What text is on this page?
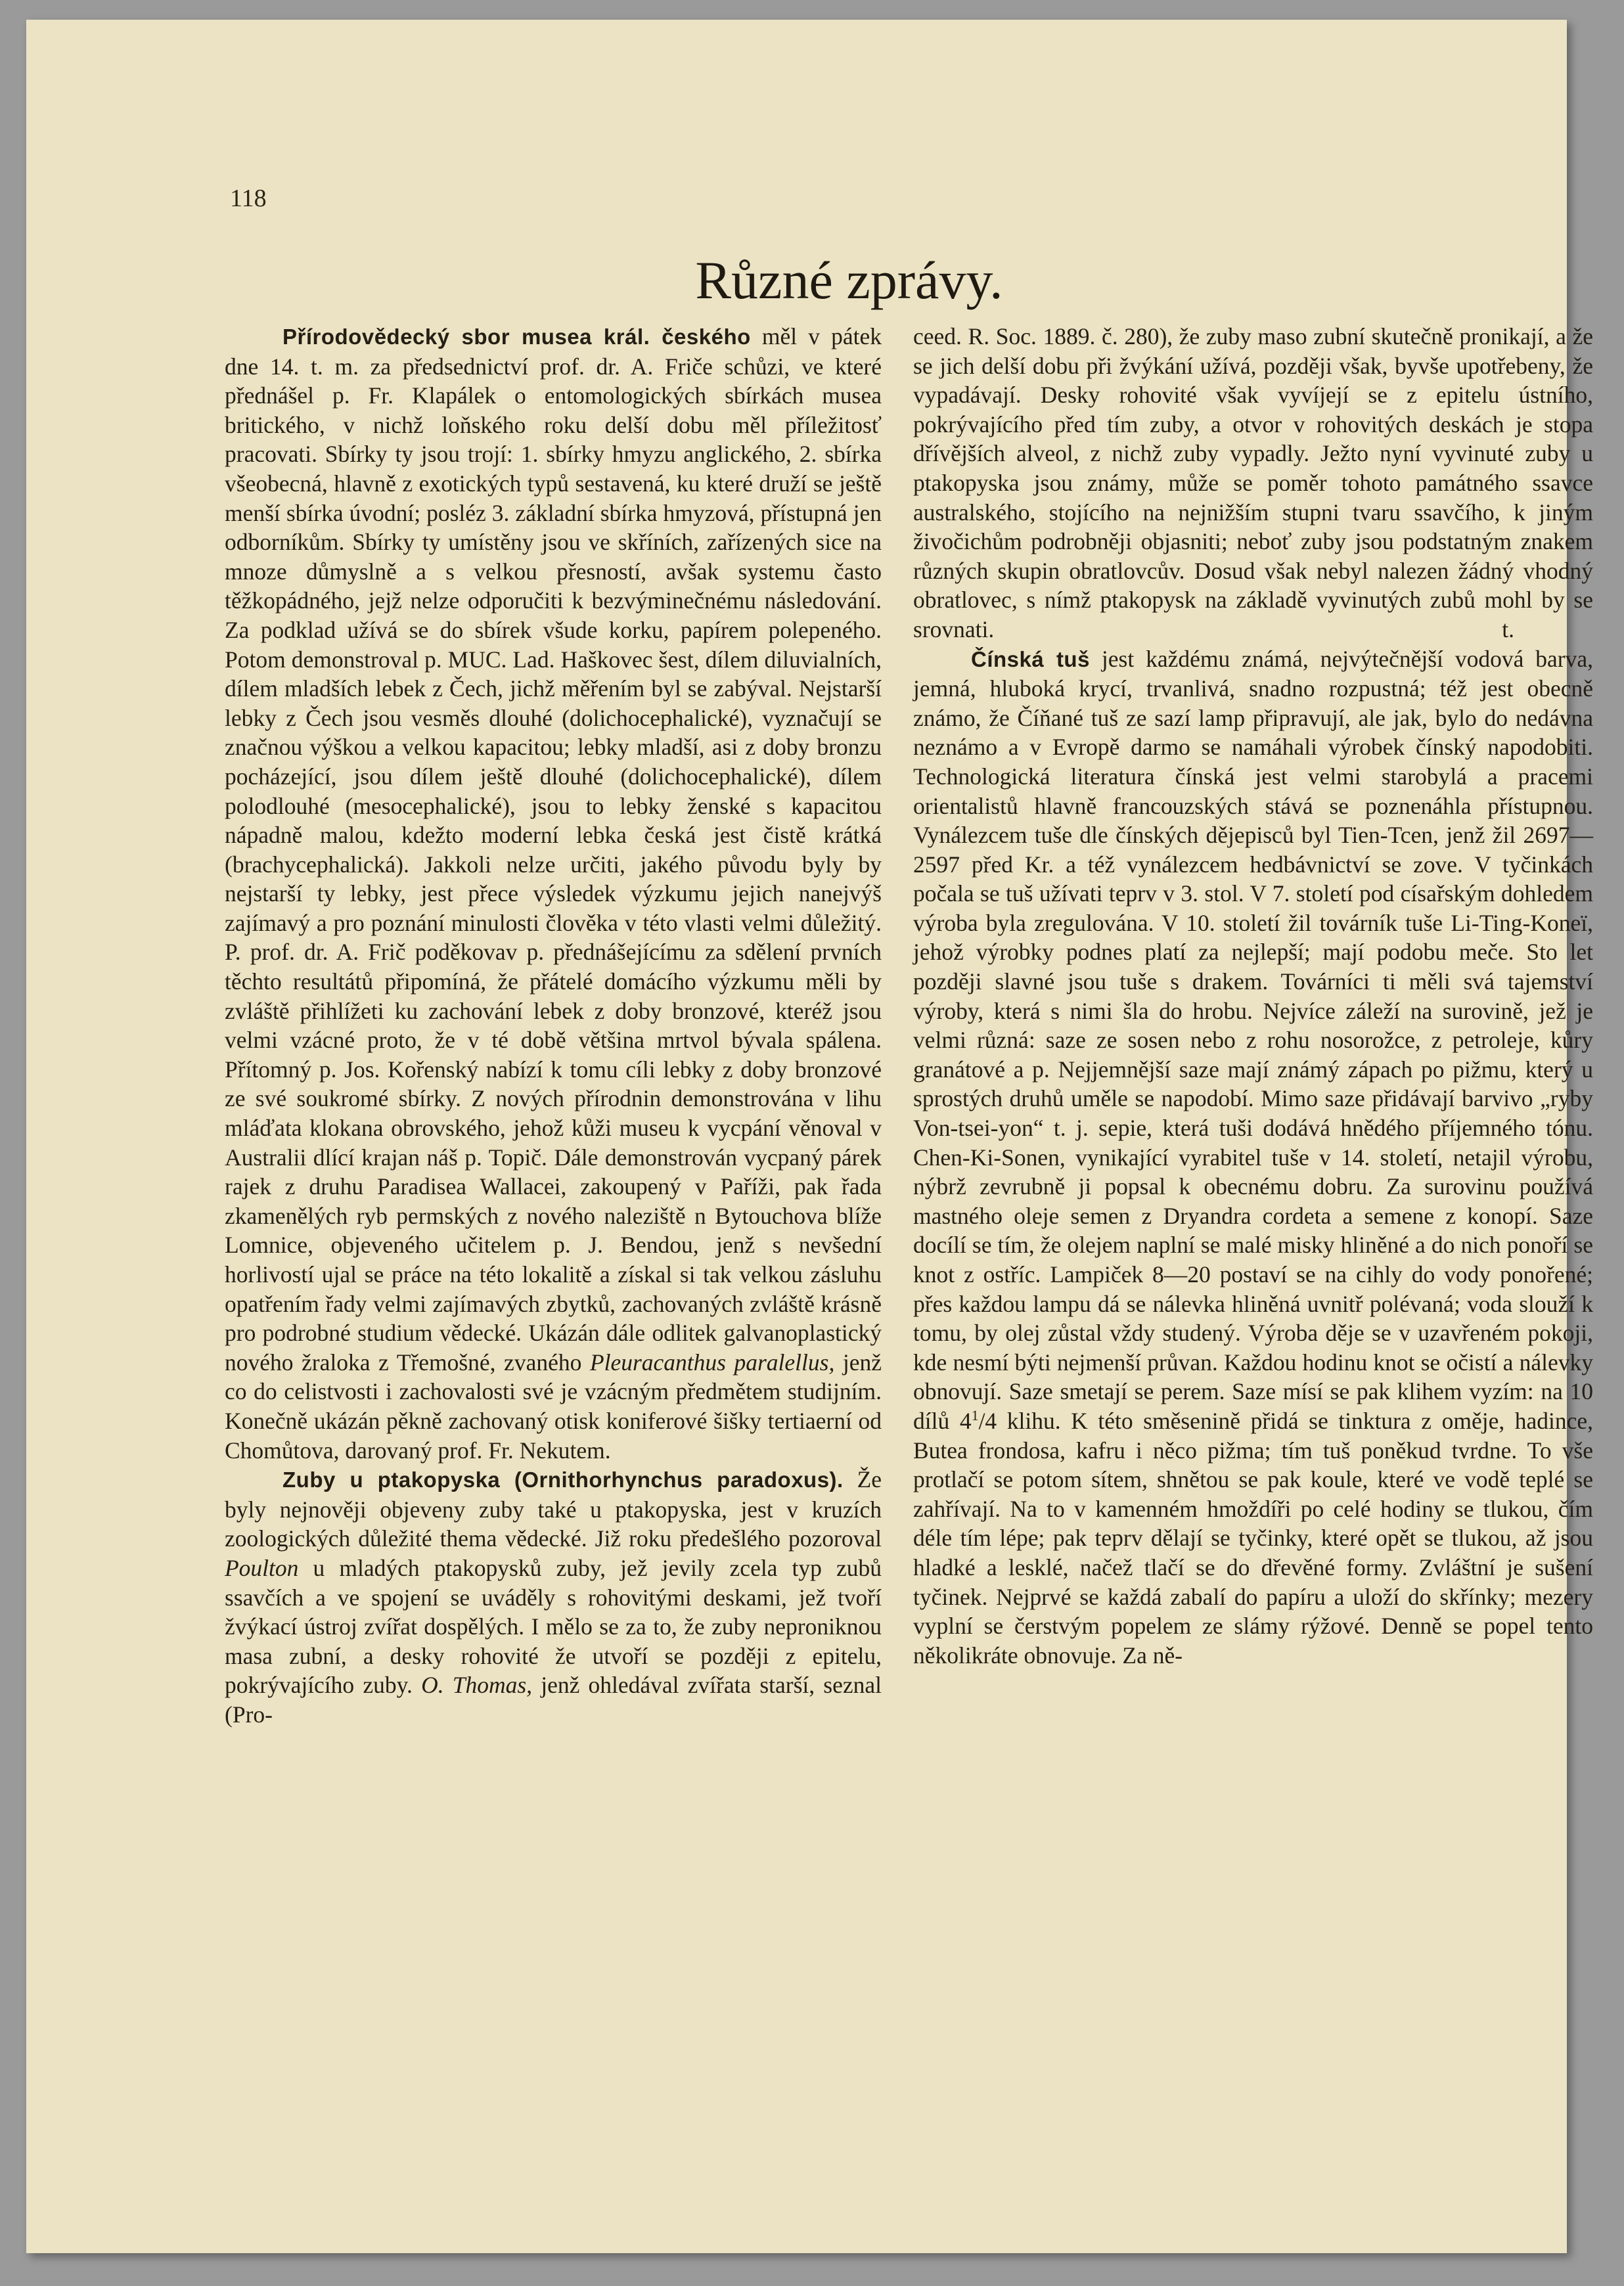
118
Různé zprávy.

Přírodovědecký sbor musea král. českého měl v pátek dne 14. t. m. za předsednictví prof. dr. A. Friče schůzi, ve které přednášel p. Fr. Klapálek o entomologických sbírkách musea britického, v nichž loňského roku delší dobu měl příležitosť pracovati. Sbírky ty jsou trojí: 1. sbírky hmyzu anglického, 2. sbírka všeobecná, hlavně z exotických typů sestavená, ku které druží se ještě menší sbírka úvodní; posléz 3. základní sbírka hmyzová, přístupná jen odborníkům. Sbírky ty umístěny jsou ve skříních, zařízených sice na mnoze důmyslně a s velkou přesností, avšak systemu často těžkopádného, jejž nelze odporučiti k bezvýminečnému následování. Za podklad užívá se do sbírek všude korku, papírem polepeného. Potom demonstroval p. MUC. Lad. Haškovec šest, dílem diluvialních, dílem mladších lebek z Čech, jichž měřením byl se zabýval. Nejstarší lebky z Čech jsou vesměs dlouhé (dolichocephalické), vyznačují se značnou výškou a velkou kapacitou; lebky mladší, asi z doby bronzu pocházející, jsou dílem ještě dlouhé (dolichocephalické), dílem polodlouhé (mesocephalické), jsou to lebky ženské s kapacitou nápadně malou, kdežto moderní lebka česká jest čistě krátká (brachycephalická). Jakkoli nelze určiti, jakého původu byly by nejstarší ty lebky, jest přece výsledek výzkumu jejich nanejvýš zajímavý a pro poznání minulosti člověka v této vlasti velmi důležitý. P. prof. dr. A. Frič poděkovav p. přednášejícímu za sdělení prvních těchto resultátů připomíná, že přátelé domácího výzkumu měli by zvláště přihlížeti ku zachování lebek z doby bronzové, kteréž jsou velmi vzácné proto, že v té době většina mrtvol bývala spálena. Přítomný p. Jos. Kořenský nabízí k tomu cíli lebky z doby bronzové ze své soukromé sbírky. Z nových přírodnin demonstrována v lihu mláďata klokana obrovského, jehož kůži museu k vycpání věnoval v Australii dlící krajan náš p. Topič. Dále demonstrován vycpaný párek rajek z druhu Paradisea Wallacei, zakoupený v Paříži, pak řada zkamenělých ryb permských z nového naleziště n Bytouchova blíže Lomnice, objeveného učitelem p. J. Bendou, jenž s nevšední horlivostí ujal se práce na této lokalitě a získal si tak velkou zásluhu opatřením řady velmi zajímavých zbytků, zachovaných zvláště krásně pro podrobné studium vědecké. Ukázán dále odlitek galvanoplastický nového žraloka z Třemošné, zvaného Pleuracanthus paralellus, jenž co do celistvosti i zachovalosti své je vzácným předmětem studijním. Konečně ukázán pěkně zachovaný otisk koniferové šišky tertiaerní od Chomůtova, darovaný prof. Fr. Nekutem.

Zuby u ptakopyska (Ornithorhynchus paradoxus). Že byly nejnověji objeveny zuby také u ptakopyska, jest v kruzích zoologických důležité thema vědecké. Již roku předešlého pozoroval Poulton u mladých ptakopysků zuby, jež jevily zcela typ zubů ssavčích a ve spojení se uváděly s rohovitými deskami, jež tvoří žvýkací ústroj zvířat dospělých. I mělo se za to, že zuby neproniknou masa zubní, a desky rohovité že utvoří se později z epitelu, pokrývajícího zuby. O. Thomas, jenž ohledával zvířata starší, seznal (Pro-

ceed. R. Soc. 1889. č. 280), že zuby maso zubní skutečně pronikají, a že se jich delší dobu při žvýkání užívá, později však, byvše upotřebeny, že vypadávají. Desky rohovité však vyvíjejí se z epitelu ústního, pokrývajícího před tím zuby, a otvor v rohovitých deskách je stopa dřívějších alveol, z nichž zuby vypadly. Ježto nyní vyvinuté zuby u ptakopyska jsou známy, může se poměr tohoto památného ssavce australského, stojícího na nejnižším stupni tvaru ssavčího, k jiným živočichům podrobněji objasniti; neboť zuby jsou podstatným znakem různých skupin obratlovcův. Dosud však nebyl nalezen žádný vhodný obratlovec, s nímž ptakopysk na základě vyvinutých zubů mohl by se srovnati.	t.

Čínská tuš jest každému známá, nejvýtečnější vodová barva, jemná, hluboká krycí, trvanlivá, snadno rozpustná; též jest obecně známo, že Číňané tuš ze sazí lamp připravují, ale jak, bylo do nedávna neznámo a v Evropě darmo se namáhali výrobek čínský napodobiti. Technologická literatura čínská jest velmi starobylá a pracemi orientalistů hlavně francouzských stává se poznenáhla přístupnou. Vynálezcem tuše dle čínských dějepisců byl Tien-Tcen, jenž žil 2697—2597 před Kr. a též vynálezcem hedbávnictví se zove. V tyčinkách počala se tuš užívati teprv v 3. stol. V 7. století pod císařským dohledem výroba byla zregulována. V 10. století žil továrník tuše Li-Ting-Koneï, jehož výrobky podnes platí za nejlepší; mají podobu meče. Sto let později slavné jsou tuše s drakem. Továrníci ti měli svá tajemství výroby, která s nimi šla do hrobu. Nejvíce záleží na surovině, jež je velmi různá: saze ze sosen nebo z rohu nosorožce, z petroleje, kůry granátové a p. Nejjemnější saze mají známý zápach po pižmu, který u sprostých druhů uměle se napodobí. Mimo saze přidávají barvivo „ryby Von-tsei-yon“ t. j. sepie, která tuši dodává hnědého příjemného tónu. Chen-Ki-Sonen, vynikající vyrabitel tuše v 14. století, netajil výrobu, nýbrž zevrubně ji popsal k obecnému dobru. Za surovinu používá mastného oleje semen z Dryandra cordeta a semene z konopí. Saze docílí se tím, že olejem naplní se malé misky hliněné a do nich ponoří se knot z ostříc. Lampiček 8—20 postaví se na cihly do vody ponořené; přes každou lampu dá se nálevka hliněná uvnitř polévaná; voda slouží k tomu, by olej zůstal vždy studený. Výroba děje se v uzavřeném pokoji, kde nesmí býti nejmenší průvan. Každou hodinu knot se očistí a nálevky obnovují. Saze smetají se perem. Saze mísí se pak klihem vyzím: na 10 dílů $4^1/4$ klihu. K této směsenině přidá se tinktura z oměje, hadince, Butea frondosa, kafru i něco pižma; tím tuš poněkud tvrdne. To vše protlačí se potom sítem, shnětou se pak koule, které ve vodě teplé se zahřívají. Na to v kamenném hmoždíři po celé hodiny se tlukou, čím déle tím lépe; pak teprv dělají se tyčinky, které opět se tlukou, až jsou hladké a lesklé, načež tlačí se do dřevěné formy. Zvláštní je sušení tyčinek. Nejprvé se každá zabalí do papíru a uloží do skřínky; mezery vyplní se čerstvým popelem ze slámy rýžové. Denně se popel tento několikráte obnovuje. Za ně-
